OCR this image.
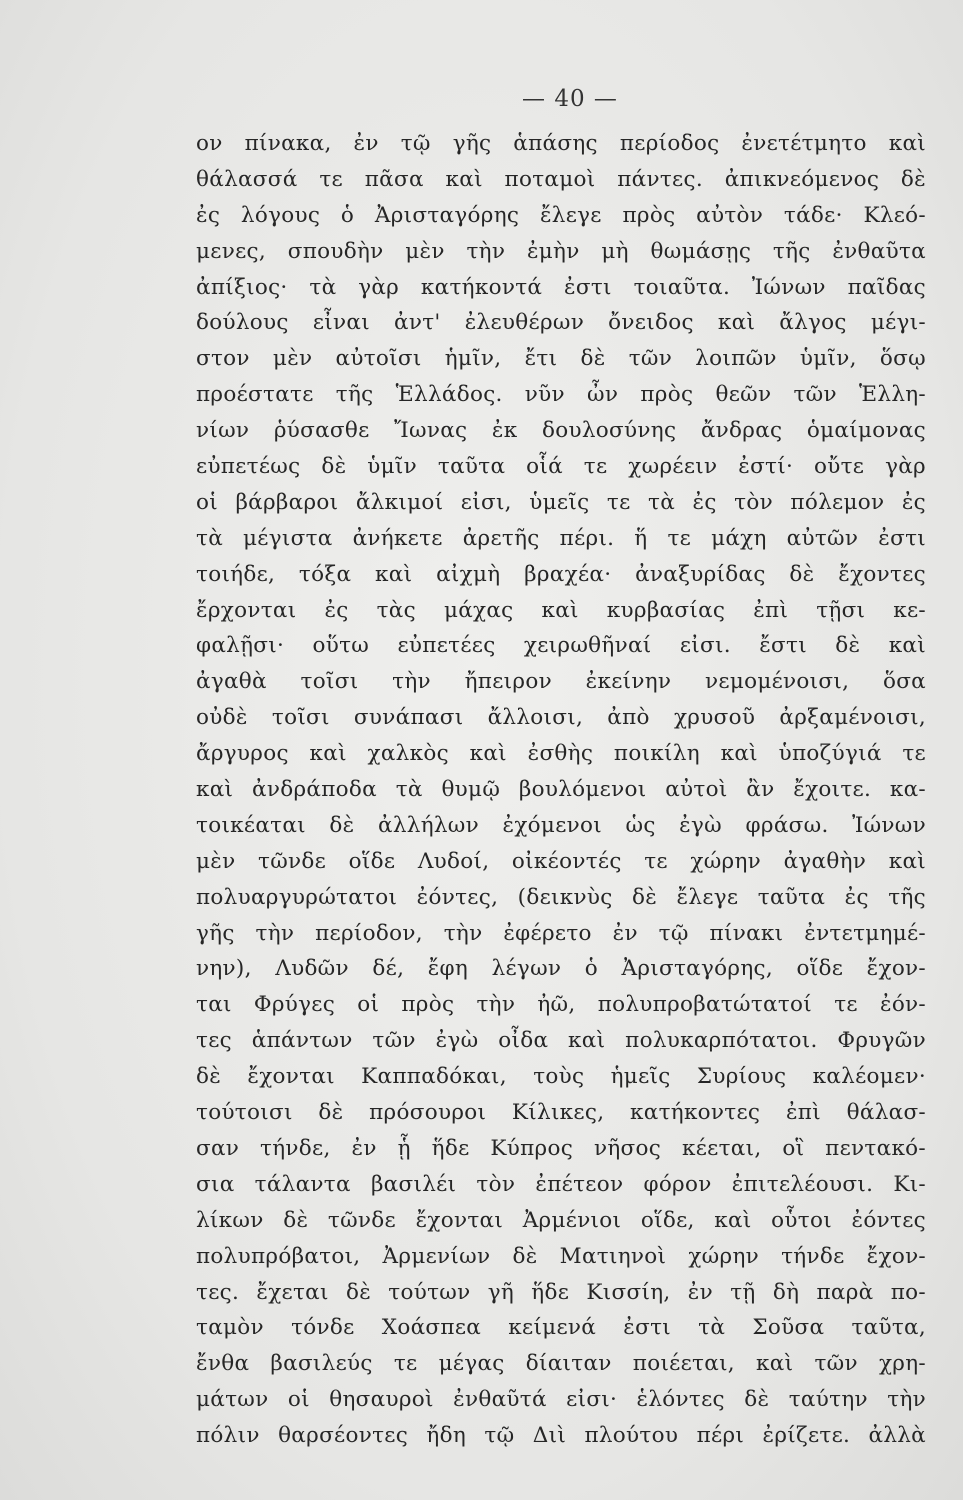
— 40 —
ον πίνακα, ἐν τῷ γῆς ἁπάσης περίοδος ἐνετέτμητο καὶ
θάλασσά τε πᾶσα καὶ ποταμοὶ πάντες. ἀπικνεόμενος δὲ
ἐς λόγους ὁ Ἀρισταγόρης ἔλεγε πρὸς αὐτὸν τάδε· Κλεό-
μενες, σπουδὴν μὲν τὴν ἐμὴν μὴ θωμάσῃς τῆς ἐνθαῦτα
ἀπίξιος· τὰ γὰρ κατήκοντά ἐστι τοιαῦτα. Ἰώνων παῖδας
δούλους εἶναι ἀντ' ἐλευθέρων ὄνειδος καὶ ἄλγος μέγι-
στον μὲν αὐτοῖσι ἡμῖν, ἔτι δὲ τῶν λοιπῶν ὑμῖν, ὅσῳ
προέστατε τῆς Ἑλλάδος. νῦν ὦν πρὸς θεῶν τῶν Ἑλλη-
νίων ῥύσασθε Ἴωνας ἐκ δουλοσύνης ἄνδρας ὁμαίμονας
εὐπετέως δὲ ὑμῖν ταῦτα οἷά τε χωρέειν ἐστί· οὔτε γὰρ
οἱ βάρβαροι ἄλκιμοί εἰσι, ὑμεῖς τε τὰ ἐς τὸν πόλεμον ἐς
τὰ μέγιστα ἀνήκετε ἀρετῆς πέρι. ἥ τε μάχη αὐτῶν ἐστι
τοιήδε, τόξα καὶ αἰχμὴ βραχέα· ἀναξυρίδας δὲ ἔχοντες
ἔρχονται ἐς τὰς μάχας καὶ κυρβασίας ἐπὶ τῇσι κε-
φαλῇσι· οὕτω εὐπετέες χειρωθῆναί εἰσι. ἔστι δὲ καὶ
ἀγαθὰ τοῖσι τὴν ἤπειρον ἐκείνην νεμομένοισι, ὅσα
οὐδὲ τοῖσι συνάπασι ἄλλοισι, ἀπὸ χρυσοῦ ἀρξαμένοισι,
ἄργυρος καὶ χαλκὸς καὶ ἐσθὴς ποικίλη καὶ ὑποζύγιά τε
καὶ ἀνδράποδα τὰ θυμῷ βουλόμενοι αὐτοὶ ἂν ἔχοιτε. κα-
τοικέαται δὲ ἀλλήλων ἐχόμενοι ὡς ἐγὼ φράσω. Ἰώνων
μὲν τῶνδε οἵδε Λυδοί, οἰκέοντές τε χώρην ἀγαθὴν καὶ
πολυαργυρώτατοι ἐόντες, (δεικνὺς δὲ ἔλεγε ταῦτα ἐς τῆς
γῆς τὴν περίοδον, τὴν ἐφέρετο ἐν τῷ πίνακι ἐντετμημέ-
νην), Λυδῶν δέ, ἔφη λέγων ὁ Ἀρισταγόρης, οἵδε ἔχον-
ται Φρύγες οἱ πρὸς τὴν ἠῶ, πολυπροβατώτατοί τε ἐόν-
τες ἁπάντων τῶν ἐγὼ οἶδα καὶ πολυκαρπότατοι. Φρυγῶν
δὲ ἔχονται Καππαδόκαι, τοὺς ἡμεῖς Συρίους καλέομεν·
τούτοισι δὲ πρόσουροι Κίλικες, κατήκοντες ἐπὶ θάλασ-
σαν τήνδε, ἐν ᾗ ἥδε Κύπρος νῆσος κέεται, οἳ πεντακό-
σια τάλαντα βασιλέι τὸν ἐπέτεον φόρον ἐπιτελέουσι. Κι-
λίκων δὲ τῶνδε ἔχονται Ἀρμένιοι οἵδε, καὶ οὗτοι ἐόντες
πολυπρόβατοι, Ἀρμενίων δὲ Ματιηνοὶ χώρην τήνδε ἔχον-
τες. ἔχεται δὲ τούτων γῆ ἥδε Κισσίη, ἐν τῇ δὴ παρὰ πο-
ταμὸν τόνδε Χοάσπεα κείμενά ἐστι τὰ Σοῦσα ταῦτα,
ἔνθα βασιλεύς τε μέγας δίαιταν ποιέεται, καὶ τῶν χρη-
μάτων οἱ θησαυροὶ ἐνθαῦτά εἰσι· ἑλόντες δὲ ταύτην τὴν
πόλιν θαρσέοντες ἤδη τῷ Διὶ πλούτου πέρι ἐρίζετε. ἀλλὰ
